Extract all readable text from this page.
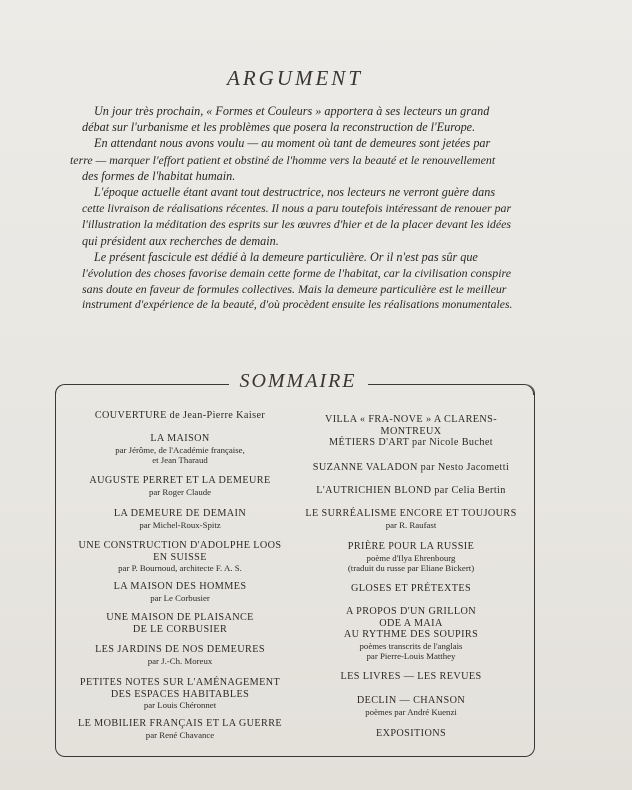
ARGUMENT
Un jour très prochain, « Formes et Couleurs » apportera à ses lecteurs un grand
débat sur l'urbanisme et les problèmes que posera la reconstruction de l'Europe.
En attendant nous avons voulu — au moment où tant de demeures sont jetées par
terre — marquer l'effort patient et obstiné de l'homme vers la beauté et le renouvellement
des formes de l'habitat humain.
L'époque actuelle étant avant tout destructrice, nos lecteurs ne verront guère dans
cette livraison de réalisations récentes. Il nous a paru toutefois intéressant de renouer par
l'illustration la méditation des esprits sur les œuvres d'hier et de la placer devant les idées
qui président aux recherches de demain.
Le présent fascicule est dédié à la demeure particulière. Or il n'est pas sûr que
l'évolution des choses favorise demain cette forme de l'habitat, car la civilisation conspire
sans doute en faveur de formules collectives. Mais la demeure particulière est le meilleur
instrument d'expérience de la beauté, d'où procèdent ensuite les réalisations monumentales.
SOMMAIRE
COUVERTURE de Jean-Pierre Kaiser
LA MAISON
par Jérôme, de l'Académie française,
et Jean Tharaud
AUGUSTE PERRET ET LA DEMEURE
par Roger Claude
LA DEMEURE DE DEMAIN
par Michel-Roux-Spitz
UNE CONSTRUCTION D'ADOLPHE LOOS
EN SUISSE
par P. Bournoud, architecte F. A. S.
LA MAISON DES HOMMES
par Le Corbusier
UNE MAISON DE PLAISANCE
DE LE CORBUSIER
LES JARDINS DE NOS DEMEURES
par J.-Ch. Moreux
PETITES NOTES SUR L'AMÉNAGEMENT
DES ESPACES HABITABLES
par Louis Chéronnet
LE MOBILIER FRANÇAIS ET LA GUERRE
par René Chavance
VILLA « FRA-NOVE » A CLARENS-MONTREUX
MÉTIERS D'ART par Nicole Buchet
SUZANNE VALADON par Nesto Jacometti
L'AUTRICHIEN BLOND par Celia Bertin
LE SURRÉALISME ENCORE ET TOUJOURS
par R. Raufast
PRIÈRE POUR LA RUSSIE
poème d'Ilya Ehrenbourg
(traduit du russe par Eliane Bickert)
GLOSES ET PRÉTEXTES
A PROPOS D'UN GRILLON
ODE A MAIA
AU RYTHME DES SOUPIRS
poèmes transcrits de l'anglais
par Pierre-Louis Matthey
LES LIVRES — LES REVUES
DECLIN — CHANSON
poèmes par André Kuenzi
EXPOSITIONS
